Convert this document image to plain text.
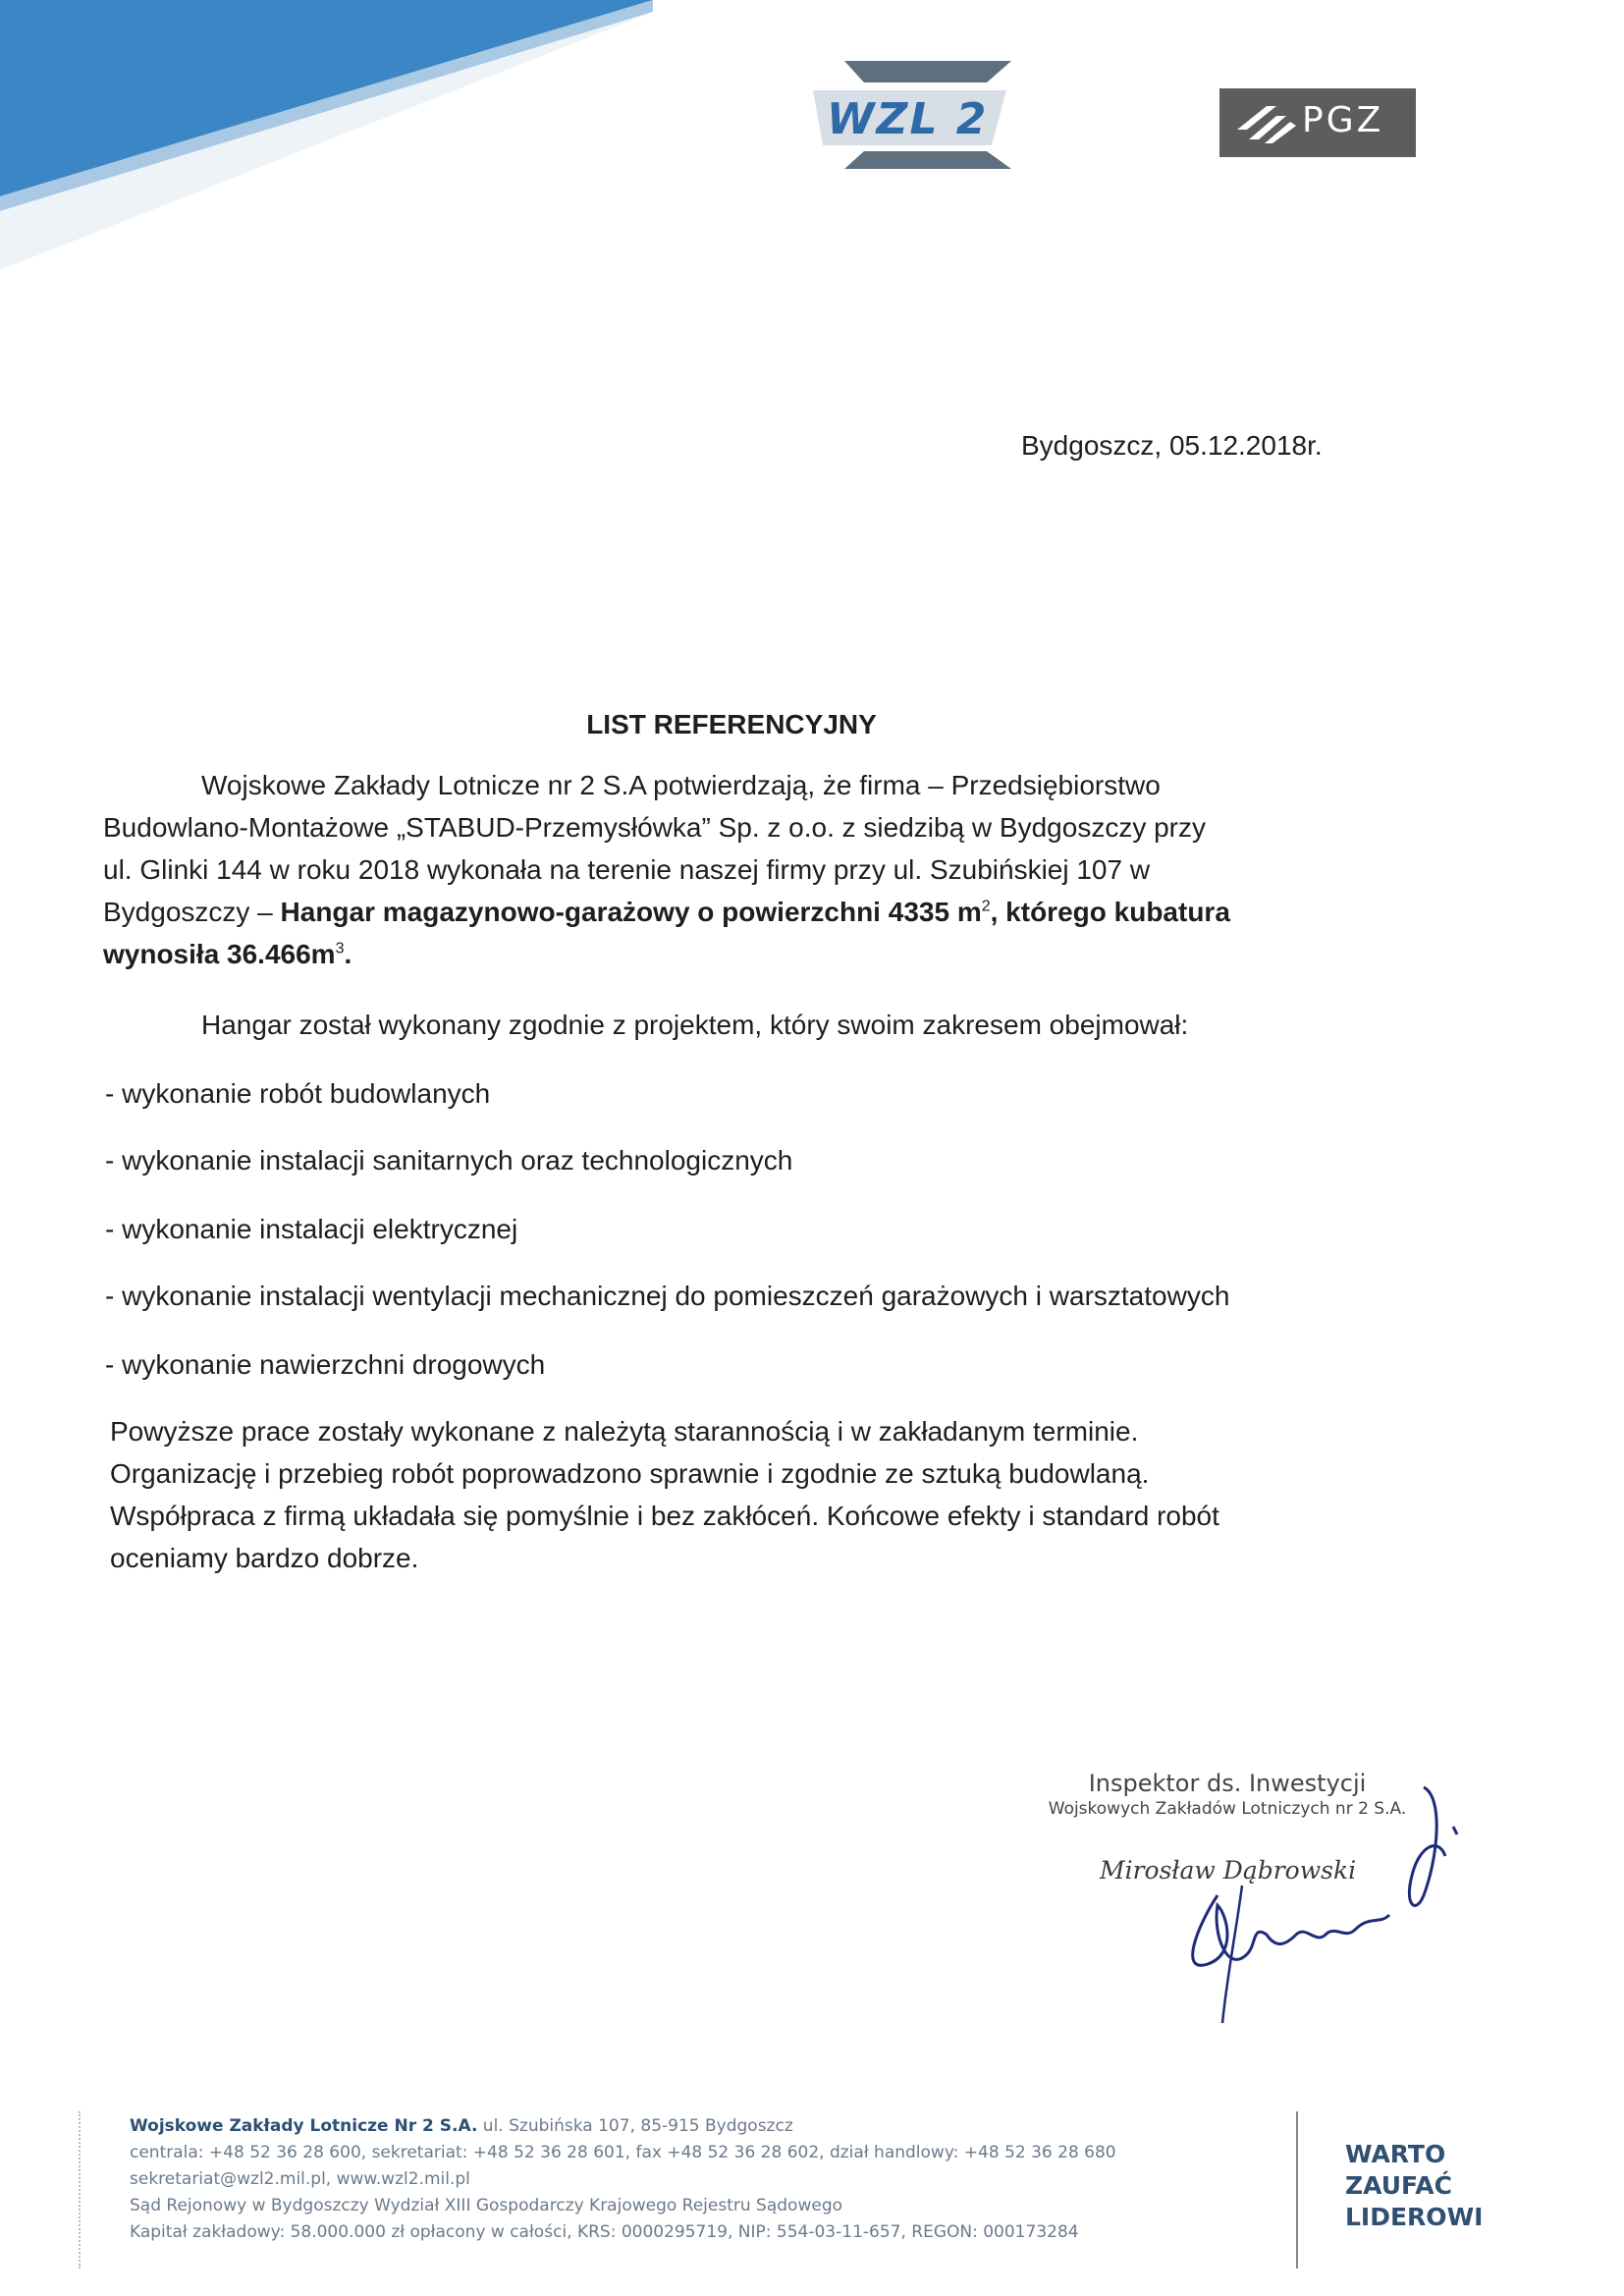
WZL 2	PGZ
Bydgoszcz, 05.12.2018r.
LIST REFERENCYJNY

Wojskowe Zakłady Lotnicze nr 2 S.A potwierdzają, że firma – Przedsiębiorstwo

Budowlano-Montażowe „STABUD-Przemysłówka” Sp. z o.o. z siedzibą w Bydgoszczy przy

ul. Glinki 144 w roku 2018 wykonała na terenie naszej firmy przy ul. Szubińskiej 107 w

Bydgoszczy – Hangar magazynowo-garażowy o powierzchni 4335 $m^2$, którego kubatura

wynosiła $36.466m^3$.

Hangar został wykonany zgodnie z projektem, który swoim zakresem obejmował:
- wykonanie robót budowlanych
- wykonanie instalacji sanitarnych oraz technologicznych
- wykonanie instalacji elektrycznej
- wykonanie instalacji wentylacji mechanicznej do pomieszczeń garażowych i warsztatowych
- wykonanie nawierzchni drogowych

Powyższe prace zostały wykonane z należytą starannością i w zakładanym terminie.

Organizację i przebieg robót poprowadzono sprawnie i zgodnie ze sztuką budowlaną.

Współpraca z firmą układała się pomyślnie i bez zakłóceń. Końcowe efekty i standard robót

oceniamy bardzo dobrze.

Inspektor ds. Inwestycji
Wojskowych Zakładów Lotniczych nr 2 S.A.
Mirosław Dąbrowski
Wojskowe Zakłady Lotnicze Nr 2 S.A. ul. Szubińska 107, 85-915 Bydgoszcz
centrala: +48 52 36 28 600, sekretariat: +48 52 36 28 601, fax +48 52 36 28 602, dział handlowy: +48 52 36 28 680
sekretariat@wzl2.mil.pl, www.wzl2.mil.pl
Sąd Rejonowy w Bydgoszczy Wydział XIII Gospodarczy Krajowego Rejestru Sądowego
Kapitał zakładowy: 58.000.000 zł opłacony w całości, KRS: 0000295719, NIP: 554-03-11-657, REGON: 000173284
WARTO
ZAUFAĆ
LIDEROWI
